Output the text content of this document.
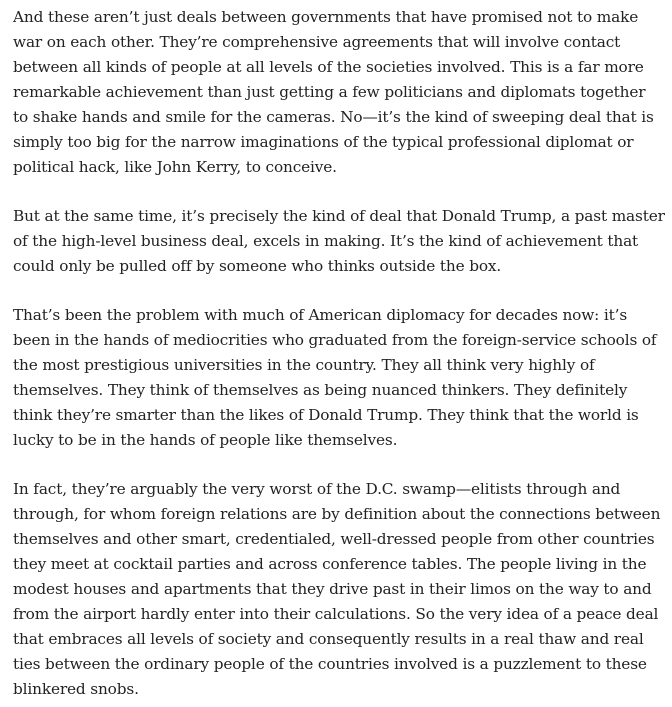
And these aren’t just deals between governments that have promised not to make war on each other. They’re comprehensive agreements that will involve contact between all kinds of people at all levels of the societies involved. This is a far more remarkable achievement than just getting a few politicians and diplomats together to shake hands and smile for the cameras. No—it’s the kind of sweeping deal that is simply too big for the narrow imaginations of the typical professional diplomat or political hack, like John Kerry, to conceive.

But at the same time, it’s precisely the kind of deal that Donald Trump, a past master of the high-level business deal, excels in making. It’s the kind of achievement that could only be pulled off by someone who thinks outside the box.

That’s been the problem with much of American diplomacy for decades now: it’s been in the hands of mediocrities who graduated from the foreign-service schools of the most prestigious universities in the country. They all think very highly of themselves. They think of themselves as being nuanced thinkers. They definitely think they’re smarter than the likes of Donald Trump. They think that the world is lucky to be in the hands of people like themselves.

In fact, they’re arguably the very worst of the D.C. swamp—elitists through and through, for whom foreign relations are by definition about the connections between themselves and other smart, credentialed, well-dressed people from other countries they meet at cocktail parties and across conference tables. The people living in the modest houses and apartments that they drive past in their limos on the way to and from the airport hardly enter into their calculations. So the very idea of a peace deal that embraces all levels of society and consequently results in a real thaw and real ties between the ordinary people of the countries involved is a puzzlement to these blinkered snobs.
